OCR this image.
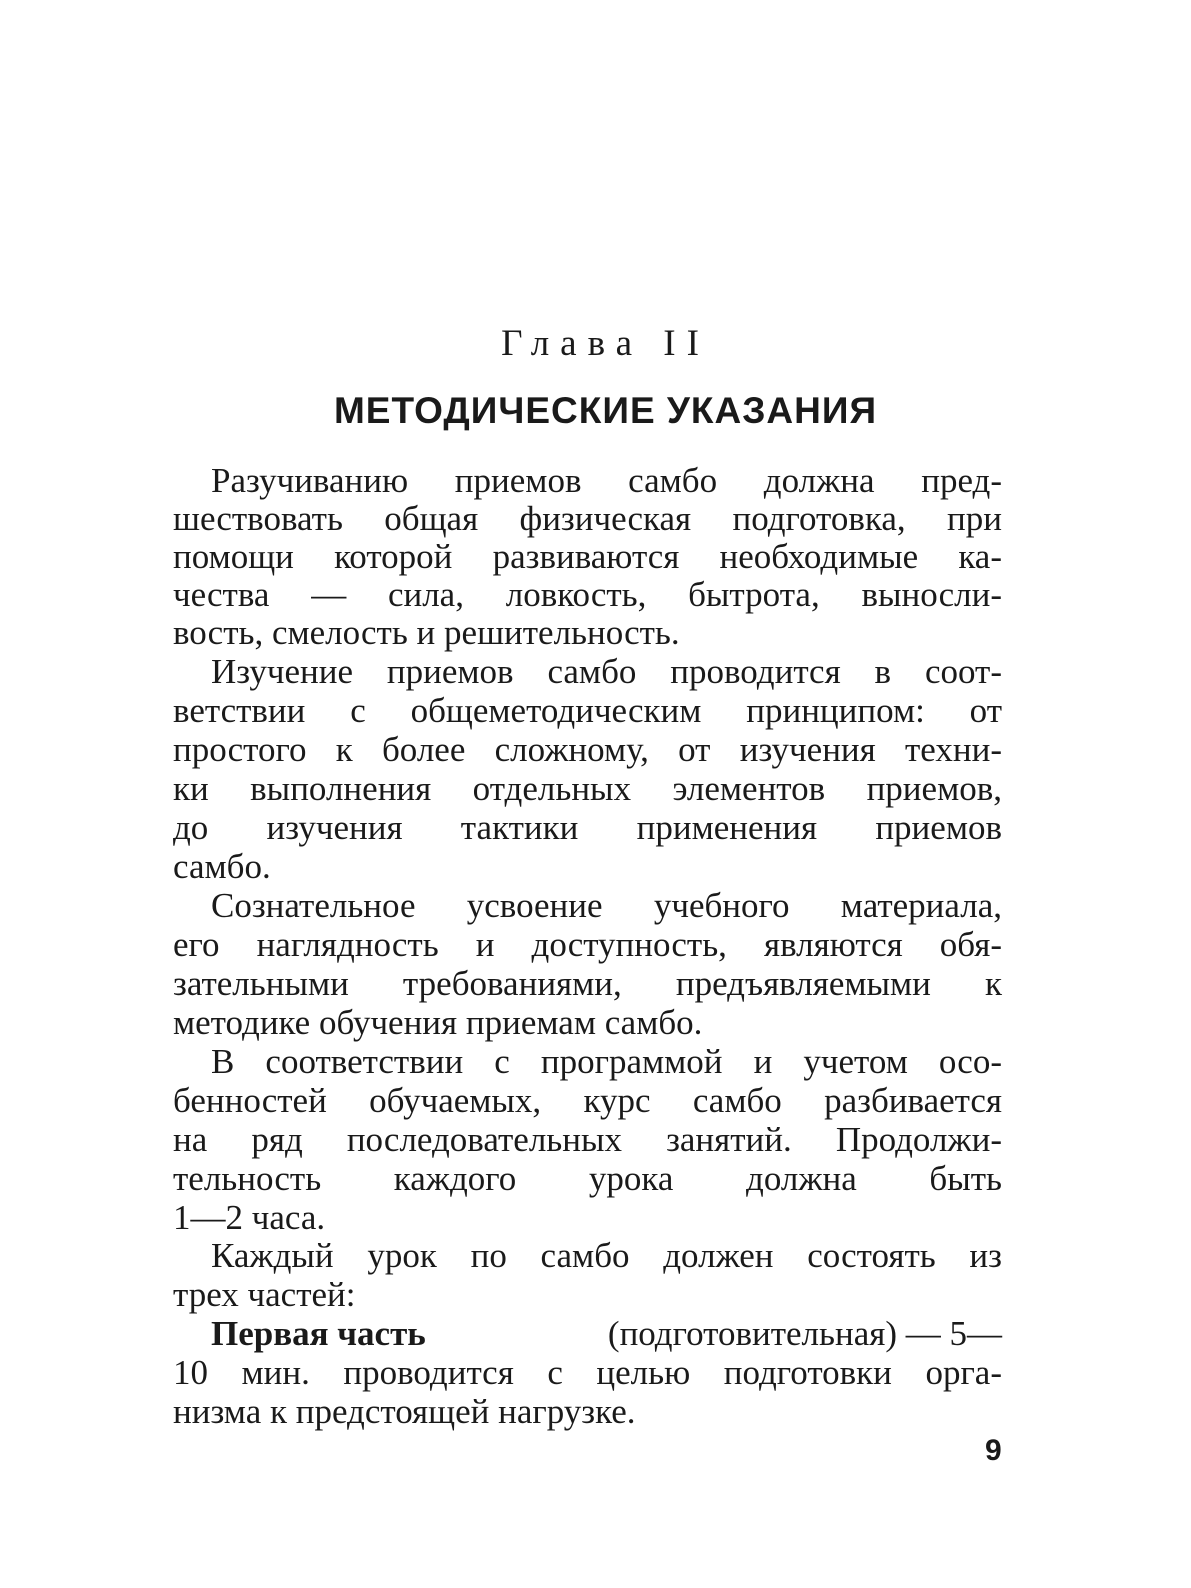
Глава II
МЕТОДИЧЕСКИЕ УКАЗАНИЯ
Разучиванию приемов самбо должна пред-
шествовать общая физическая подготовка, при
помощи которой развиваются необходимые ка-
чества — сила, ловкость, бытрота, выносли-
вость, смелость и решительность.
Изучение приемов самбо проводится в соот-
ветствии с общеметодическим принципом: от
простого к более сложному, от изучения техни-
ки выполнения отдельных элементов приемов,
до изучения тактики применения приемов
самбо.
Сознательное усвоение учебного материала,
его наглядность и доступность, являются обя-
зательными требованиями, предъявляемыми к
методике обучения приемам самбо.
В соответствии с программой и учетом осо-
бенностей обучаемых, курс самбо разбивается
на ряд последовательных занятий. Продолжи-
тельность каждого урока должна быть
1—2 часа.
Каждый урок по самбо должен состоять из
трех частей:
Первая часть	(подготовительная) — 5—
10 мин. проводится с целью подготовки орга-
низма к предстоящей нагрузке.
9
